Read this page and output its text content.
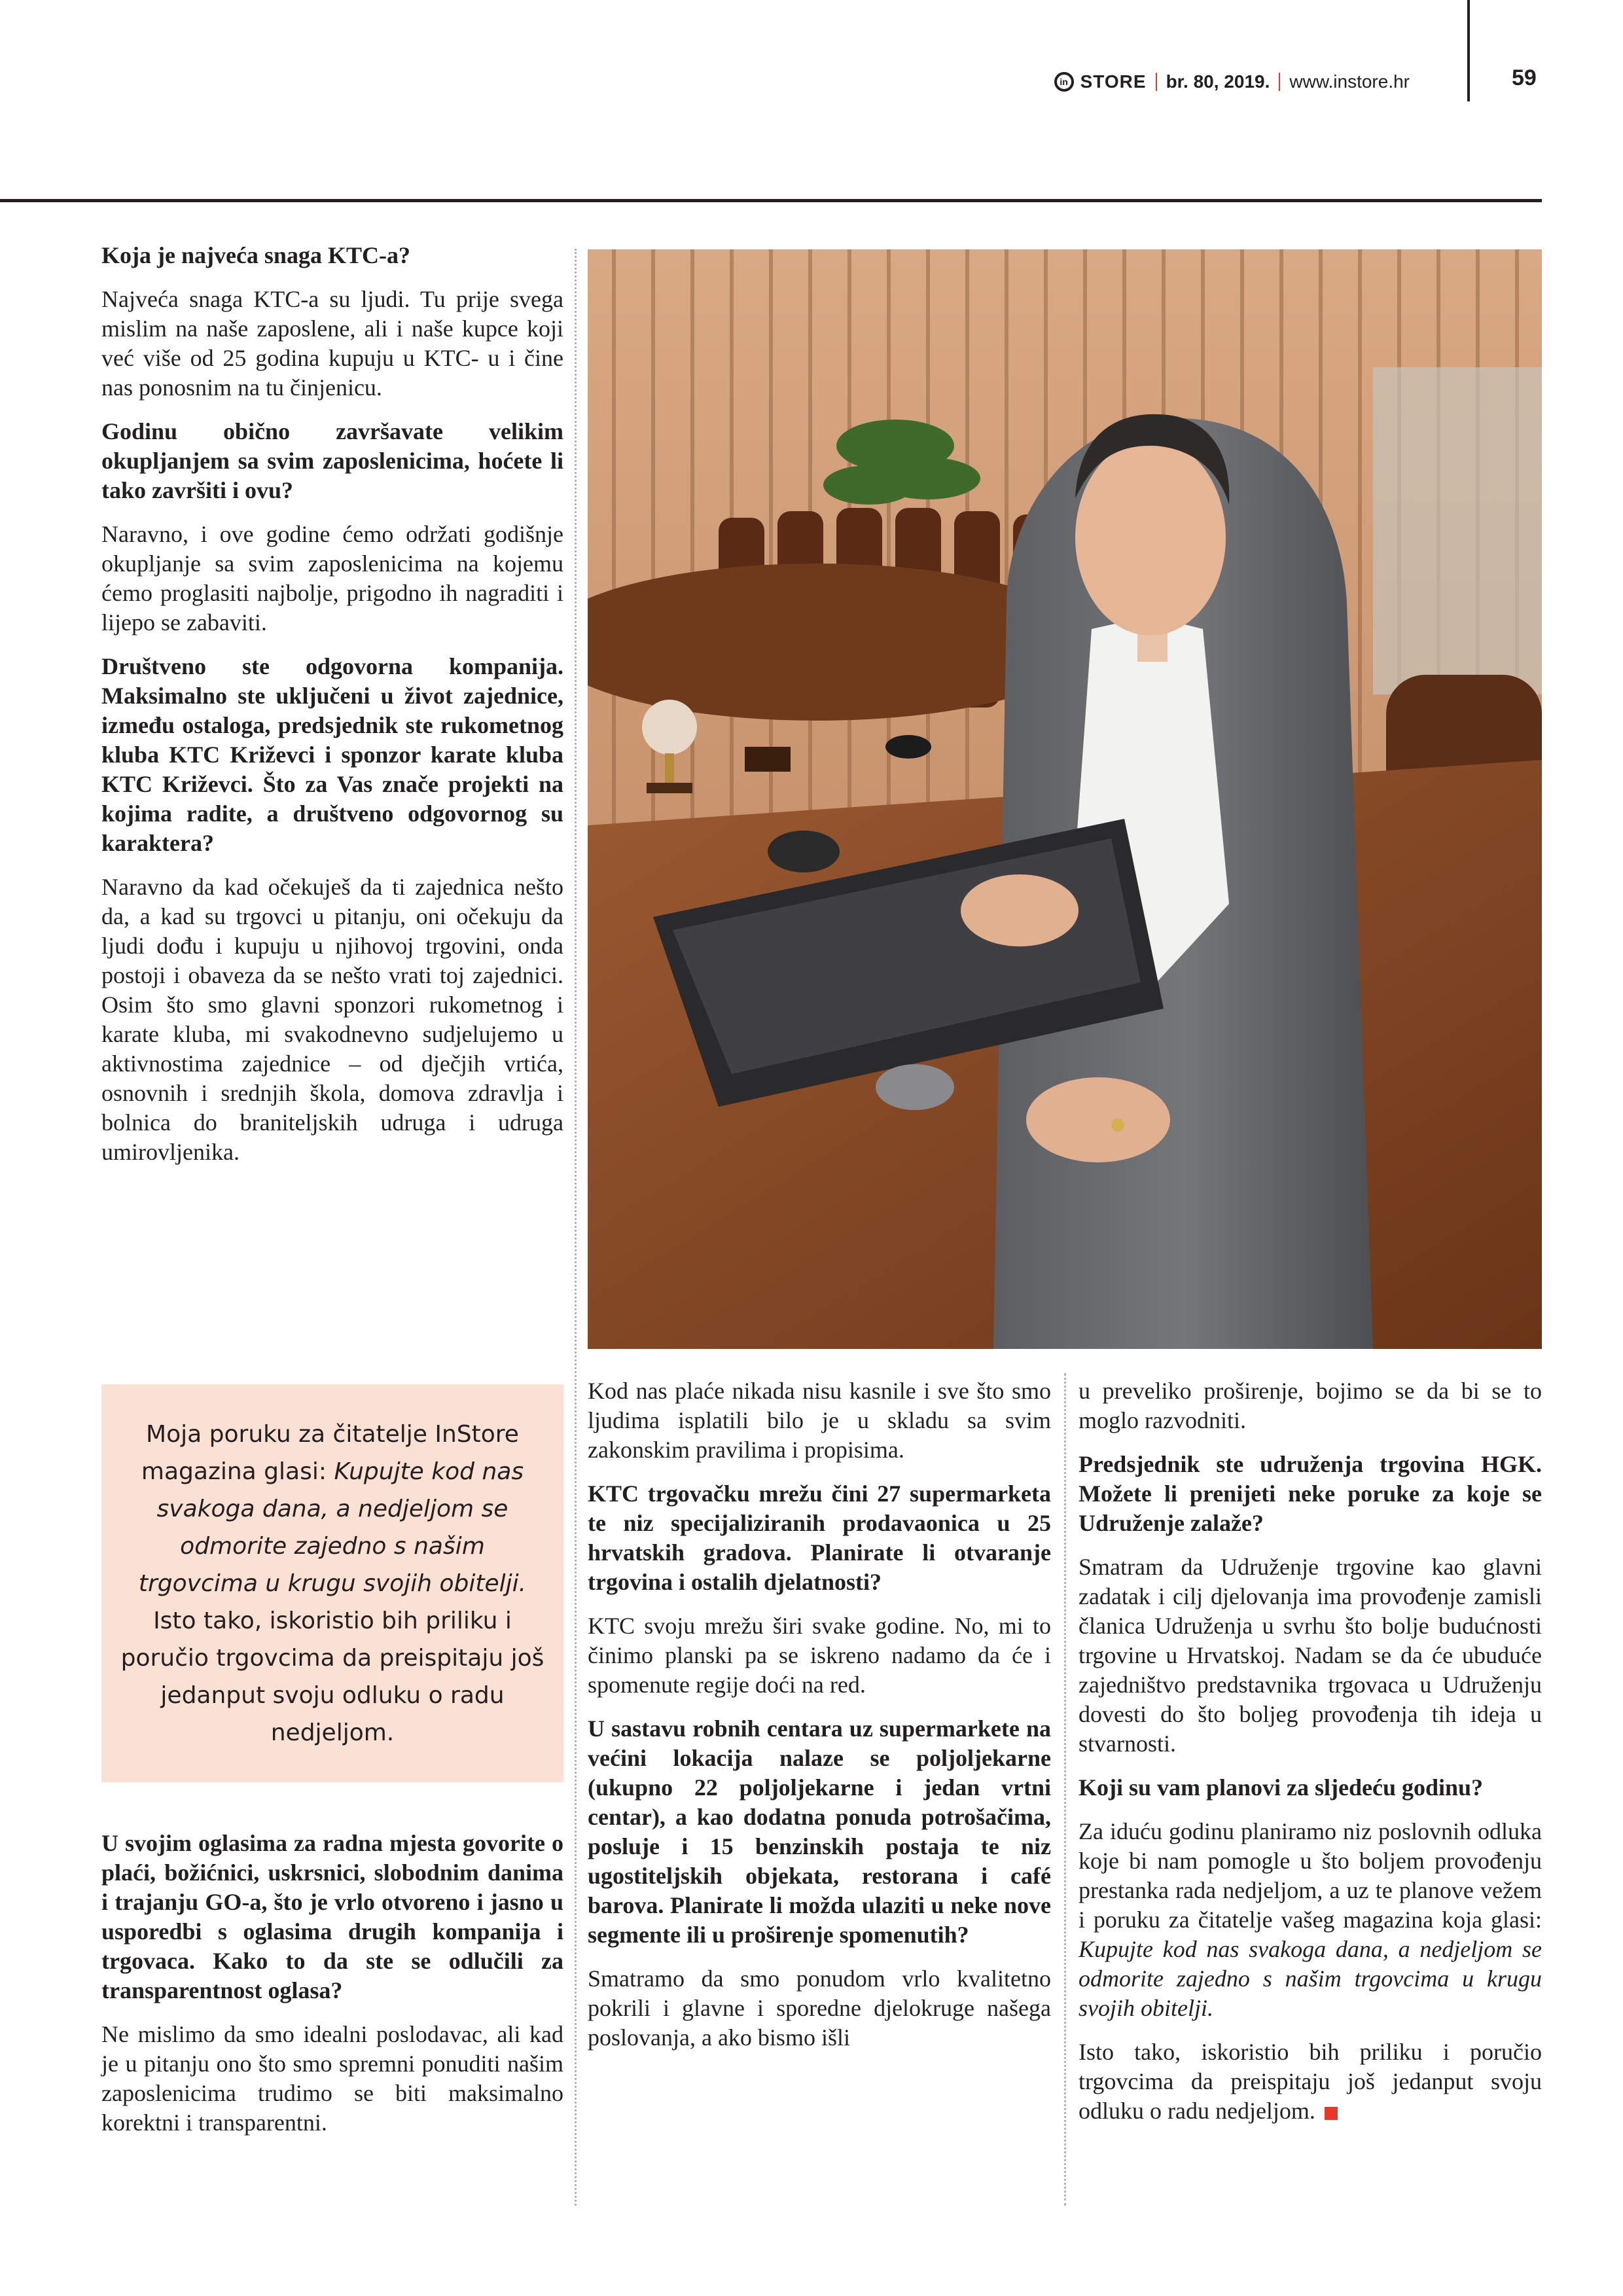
in STORE br. 80, 2019. www.instore.hr	59

Koja je najveća snaga KTC-a?

Najveća snaga KTC-a su ljudi. Tu prije svega mislim na naše zaposlene, ali i naše kupce koji već više od 25 godina kupuju u KTC- u i čine nas ponosnim na tu činjenicu.

Godinu obično završavate velikim okupljanjem sa svim zaposlenicima, hoćete li tako završiti i ovu?

Naravno, i ove godine ćemo održati godišnje okupljanje sa svim zaposlenicima na kojemu ćemo proglasiti najbolje, prigodno ih nagraditi i lijepo se zabaviti.

Društveno ste odgovorna kompanija. Maksimalno ste uključeni u život zajednice, između ostaloga, predsjednik ste rukometnog kluba KTC Križevci i sponzor karate kluba KTC Križevci. Što za Vas znače projekti na kojima radite, a društveno odgovornog su karaktera?

Naravno da kad očekuješ da ti zajednica nešto da, a kad su trgovci u pitanju, oni očekuju da ljudi dođu i kupuju u njihovoj trgovini, onda postoji i obaveza da se nešto vrati toj zajednici. Osim što smo glavni sponzori rukometnog i karate kluba, mi svakodnevno sudjelujemo u aktivnostima zajednice – od dječjih vrtića, osnovnih i srednjih škola, domova zdravlja i bolnica do braniteljskih udruga i udruga umirovljenika.

Moja poruku za čitatelje InStore magazina glasi: Kupujte kod nas svakoga dana, a nedjeljom se odmorite zajedno s našim trgovcima u krugu svojih obitelji. Isto tako, iskoristio bih priliku i poručio trgovcima da preispitaju još jedanput svoju odluku o radu nedjeljom.

U svojim oglasima za radna mjesta govorite o plaći, božićnici, uskrsnici, slobodnim danima i trajanju GO-a, što je vrlo otvoreno i jasno u usporedbi s oglasima drugih kompanija i trgovaca. Kako to da ste se odlučili za transparentnost oglasa?

Ne mislimo da smo idealni poslodavac, ali kad je u pitanju ono što smo spremni ponuditi našim zaposlenicima trudimo se biti maksimalno korektni i transparentni.

Kod nas plaće nikada nisu kasnile i sve što smo ljudima isplatili bilo je u skladu sa svim zakonskim pravilima i propisima.

KTC trgovačku mrežu čini 27 supermarketa te niz specijaliziranih prodavaonica u 25 hrvatskih gradova. Planirate li otvaranje trgovina i ostalih djelatnosti?

KTC svoju mrežu širi svake godine. No, mi to činimo planski pa se iskreno nadamo da će i spomenute regije doći na red.

U sastavu robnih centara uz supermarkete na većini lokacija nalaze se poljoljekarne (ukupno 22 poljoljekarne i jedan vrtni centar), a kao dodatna ponuda potrošačima, posluje i 15 benzinskih postaja te niz ugostiteljskih objekata, restorana i café barova. Planirate li možda ulaziti u neke nove segmente ili u proširenje spomenutih?

Smatramo da smo ponudom vrlo kvalitetno pokrili i glavne i sporedne djelokruge našega poslovanja, a ako bismo išli

u preveliko proširenje, bojimo se da bi se to moglo razvodniti.

Predsjednik ste udruženja trgovina HGK. Možete li prenijeti neke poruke za koje se Udruženje zalaže?

Smatram da Udruženje trgovine kao glavni zadatak i cilj djelovanja ima provođenje zamisli članica Udruženja u svrhu što bolje budućnosti trgovine u Hrvatskoj. Nadam se da će ubuduće zajedništvo predstavnika trgovaca u Udruženju dovesti do što boljeg provođenja tih ideja u stvarnosti.

Koji su vam planovi za sljedeću godinu?

Za iduću godinu planiramo niz poslovnih odluka koje bi nam pomogle u što boljem provođenju prestanka rada nedjeljom, a uz te planove vežem i poruku za čitatelje vašeg magazina koja glasi: Kupujte kod nas svakoga dana, a nedjeljom se odmorite zajedno s našim trgovcima u krugu svojih obitelji.

Isto tako, iskoristio bih priliku i poručio trgovcima da preispitaju još jedanput svoju odluku o radu nedjeljom.
